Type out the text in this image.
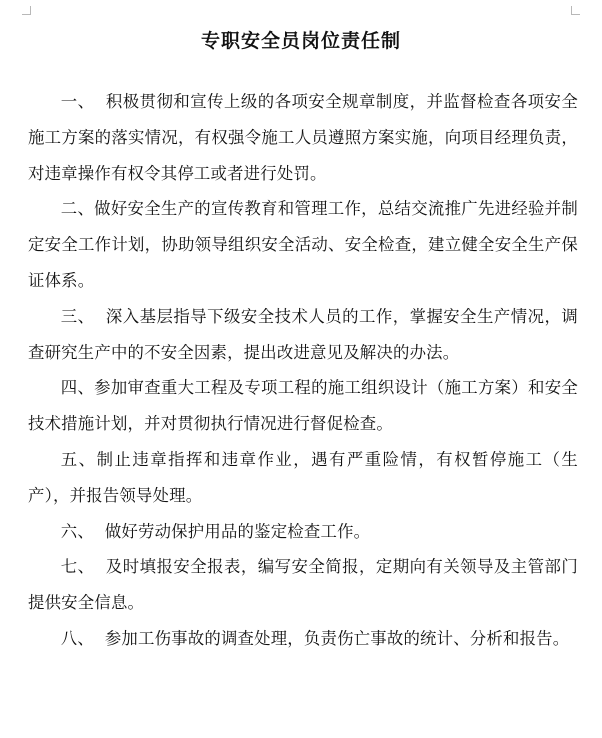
专职安全员岗位责任制

一、  积极贯彻和宣传上级的各项安全规章制度，并监督检查各项安全施工方案的落实情况，有权强令施工人员遵照方案实施，向项目经理负责，对违章操作有权令其停工或者进行处罚。

二、做好安全生产的宣传教育和管理工作，总结交流推广先进经验并制定安全工作计划，协助领导组织安全活动、安全检查，建立健全安全生产保证体系。

三、  深入基层指导下级安全技术人员的工作，掌握安全生产情况，调查研究生产中的不安全因素，提出改进意见及解决的办法。

四、参加审查重大工程及专项工程的施工组织设计（施工方案）和安全技术措施计划，并对贯彻执行情况进行督促检查。

五、制止违章指挥和违章作业，遇有严重险情，有权暂停施工（生产），并报告领导处理。

六、  做好劳动保护用品的鉴定检查工作。

七、  及时填报安全报表，编写安全简报，定期向有关领导及主管部门提供安全信息。

八、  参加工伤事故的调查处理，负责伤亡事故的统计、分析和报告。
